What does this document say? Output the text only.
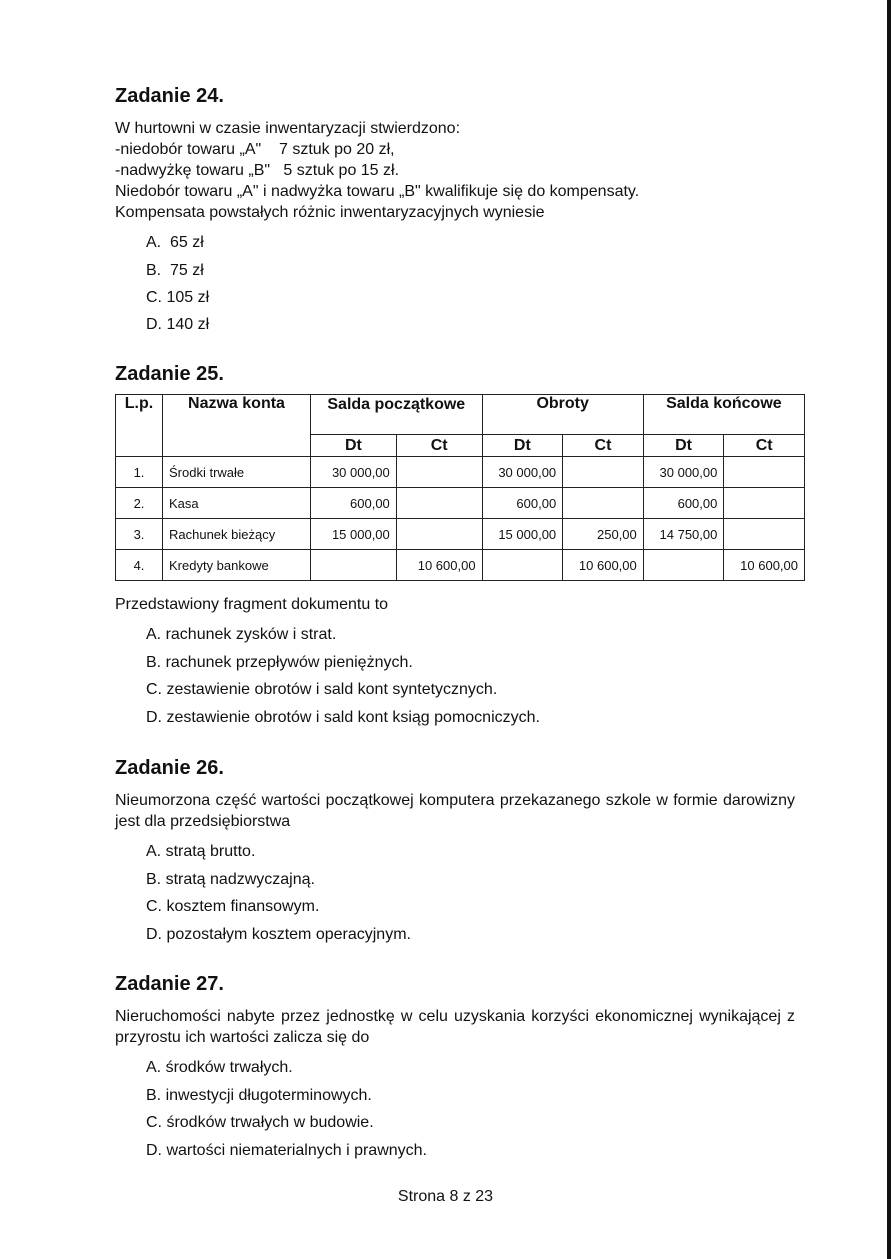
Zadanie 24.
W hurtowni w czasie inwentaryzacji stwierdzono:
-niedobór towaru „A"    7 sztuk po 20 zł,
-nadwyżkę towaru „B"   5 sztuk po 15 zł.
Niedobór towaru „A" i nadwyżka towaru „B" kwalifikuje się do kompensaty.
Kompensata powstałych różnic inwentaryzacyjnych wyniesie
A.  65 zł
B.  75 zł
C. 105 zł
D. 140 zł
Zadanie 25.
L.p.	Nazwa konta	Salda początkowe		Obroty		Salda końcowe	
		Dt	Ct	Dt	Ct	Dt	Ct
1.	Środki trwałe	30 000,00		30 000,00		30 000,00	
2.	Kasa	600,00		600,00		600,00	
3.	Rachunek bieżący	15 000,00		15 000,00	250,00	14 750,00	
4.	Kredyty bankowe		10 600,00		10 600,00		10 600,00
Przedstawiony fragment dokumentu to
A. rachunek zysków i strat.
B. rachunek przepływów pieniężnych.
C. zestawienie obrotów i sald kont syntetycznych.
D. zestawienie obrotów i sald kont ksiąg pomocniczych.
Zadanie 26.
Nieumorzona część wartości początkowej komputera przekazanego szkole w formie darowizny jest dla przedsiębiorstwa
A. stratą brutto.
B. stratą nadzwyczajną.
C. kosztem finansowym.
D. pozostałym kosztem operacyjnym.
Zadanie 27.
Nieruchomości nabyte przez jednostkę w celu uzyskania korzyści ekonomicznej wynikającej z przyrostu ich wartości zalicza się do
A. środków trwałych.
B. inwestycji długoterminowych.
C. środków trwałych w budowie.
D. wartości niematerialnych i prawnych.
Strona 8 z 23
